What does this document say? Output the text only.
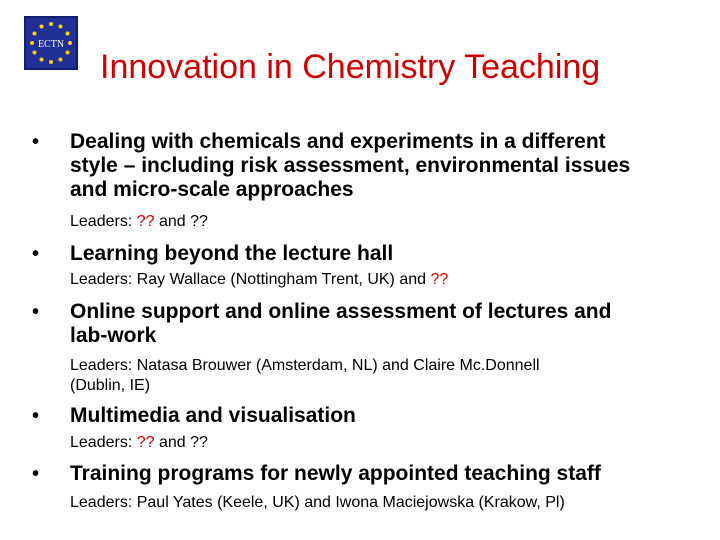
ECTN
Innovation in Chemistry Teaching
• Dealing with chemicals and experiments in a different
style – including risk assessment, environmental issues
and micro-scale approaches
Leaders: ?? and ??
• Learning beyond the lecture hall
Leaders: Ray Wallace (Nottingham Trent, UK) and ??
• Online support and online assessment of lectures and
lab-work
Leaders: Natasa Brouwer (Amsterdam, NL) and Claire Mc.Donnell
(Dublin, IE)
• Multimedia and visualisation
Leaders: ?? and ??
• Training programs for newly appointed teaching staff
Leaders: Paul Yates (Keele, UK) and Iwona Maciejowska (Krakow, Pl)
